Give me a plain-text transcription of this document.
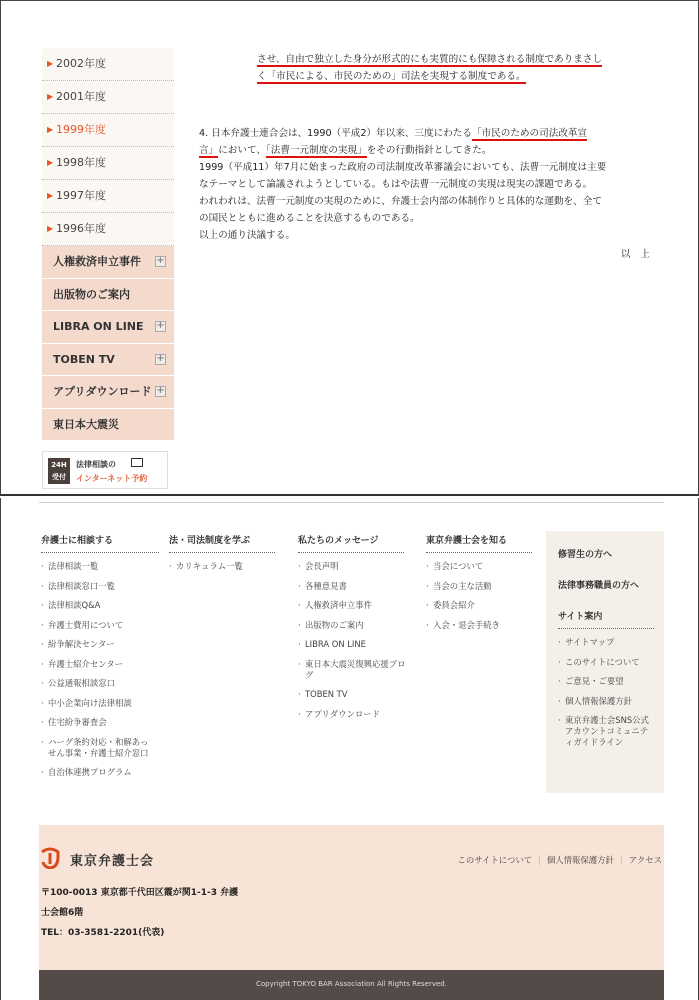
▶ 2002年度
▶ 2001年度
▶ 1999年度
▶ 1998年度
▶ 1997年度
▶ 1996年度
人権救済申立事件 +
出版物のご案内
LIBRA ON LINE +
TOBEN TV	+
アプリダウンロード +
東日本大震災
24H
受付
法律相談の
インターネット予約
させ、自由で独立した身分が形式的にも実質的にも保障される制度でありまさし
く「市民による、市民のための」司法を実現する制度である。
4. 日本弁護士連合会は、1990（平成2）年以来、三度にわたる「市民のための司法改革宣
言」において、「法曹一元制度の実現」をその行動指針としてきた。
1999（平成11）年7月に始まった政府の司法制度改革審議会においても、法曹一元制度は主要
なテーマとして論議されようとしている。もはや法曹一元制度の実現は現実の課題である。
われわれは、法曹一元制度の実現のために、弁護士会内部の体制作りと具体的な運動を、全て
の国民とともに進めることを決意するものである。
以上の通り決議する。
以上
弁護士に相談する
· 法律相談一覧
· 法律相談窓口一覧
· 法律相談Q&A
· 弁護士費用について
· 紛争解決センター
· 弁護士紹介センター
· 公益通報相談窓口
· 中小企業向け法律相談
· 住宅紛争審査会
· ハーグ条約対応・和解あっせん事業・弁護士紹介窓口
· 自治体連携プログラム
法・司法制度を学ぶ
· カリキュラム一覧
私たちのメッセージ
· 会長声明
· 各種意見書
· 人権救済申立事件
· 出版物のご案内
· LIBRA ON LINE
· 東日本大震災復興応援ブログ
· TOBEN TV
· アプリダウンロード
東京弁護士会を知る
· 当会について
· 当会の主な活動
· 委員会紹介
· 入会・退会手続き
修習生の方へ
法律事務職員の方へ
サイト案内
· サイトマップ
· このサイトについて
· ご意見・ご要望
· 個人情報保護方針
· 東京弁護士会SNS公式アカウントコミュニティガイドライン
東京弁護士会	このサイトについて | 個人情報保護方針 | アクセス
〒100-0013 東京都千代田区霞が関1-1-3 弁護
士会館6階
TEL：03-3581-2201(代表)
Copyright TOKYO BAR Association All Rights Reserved.
